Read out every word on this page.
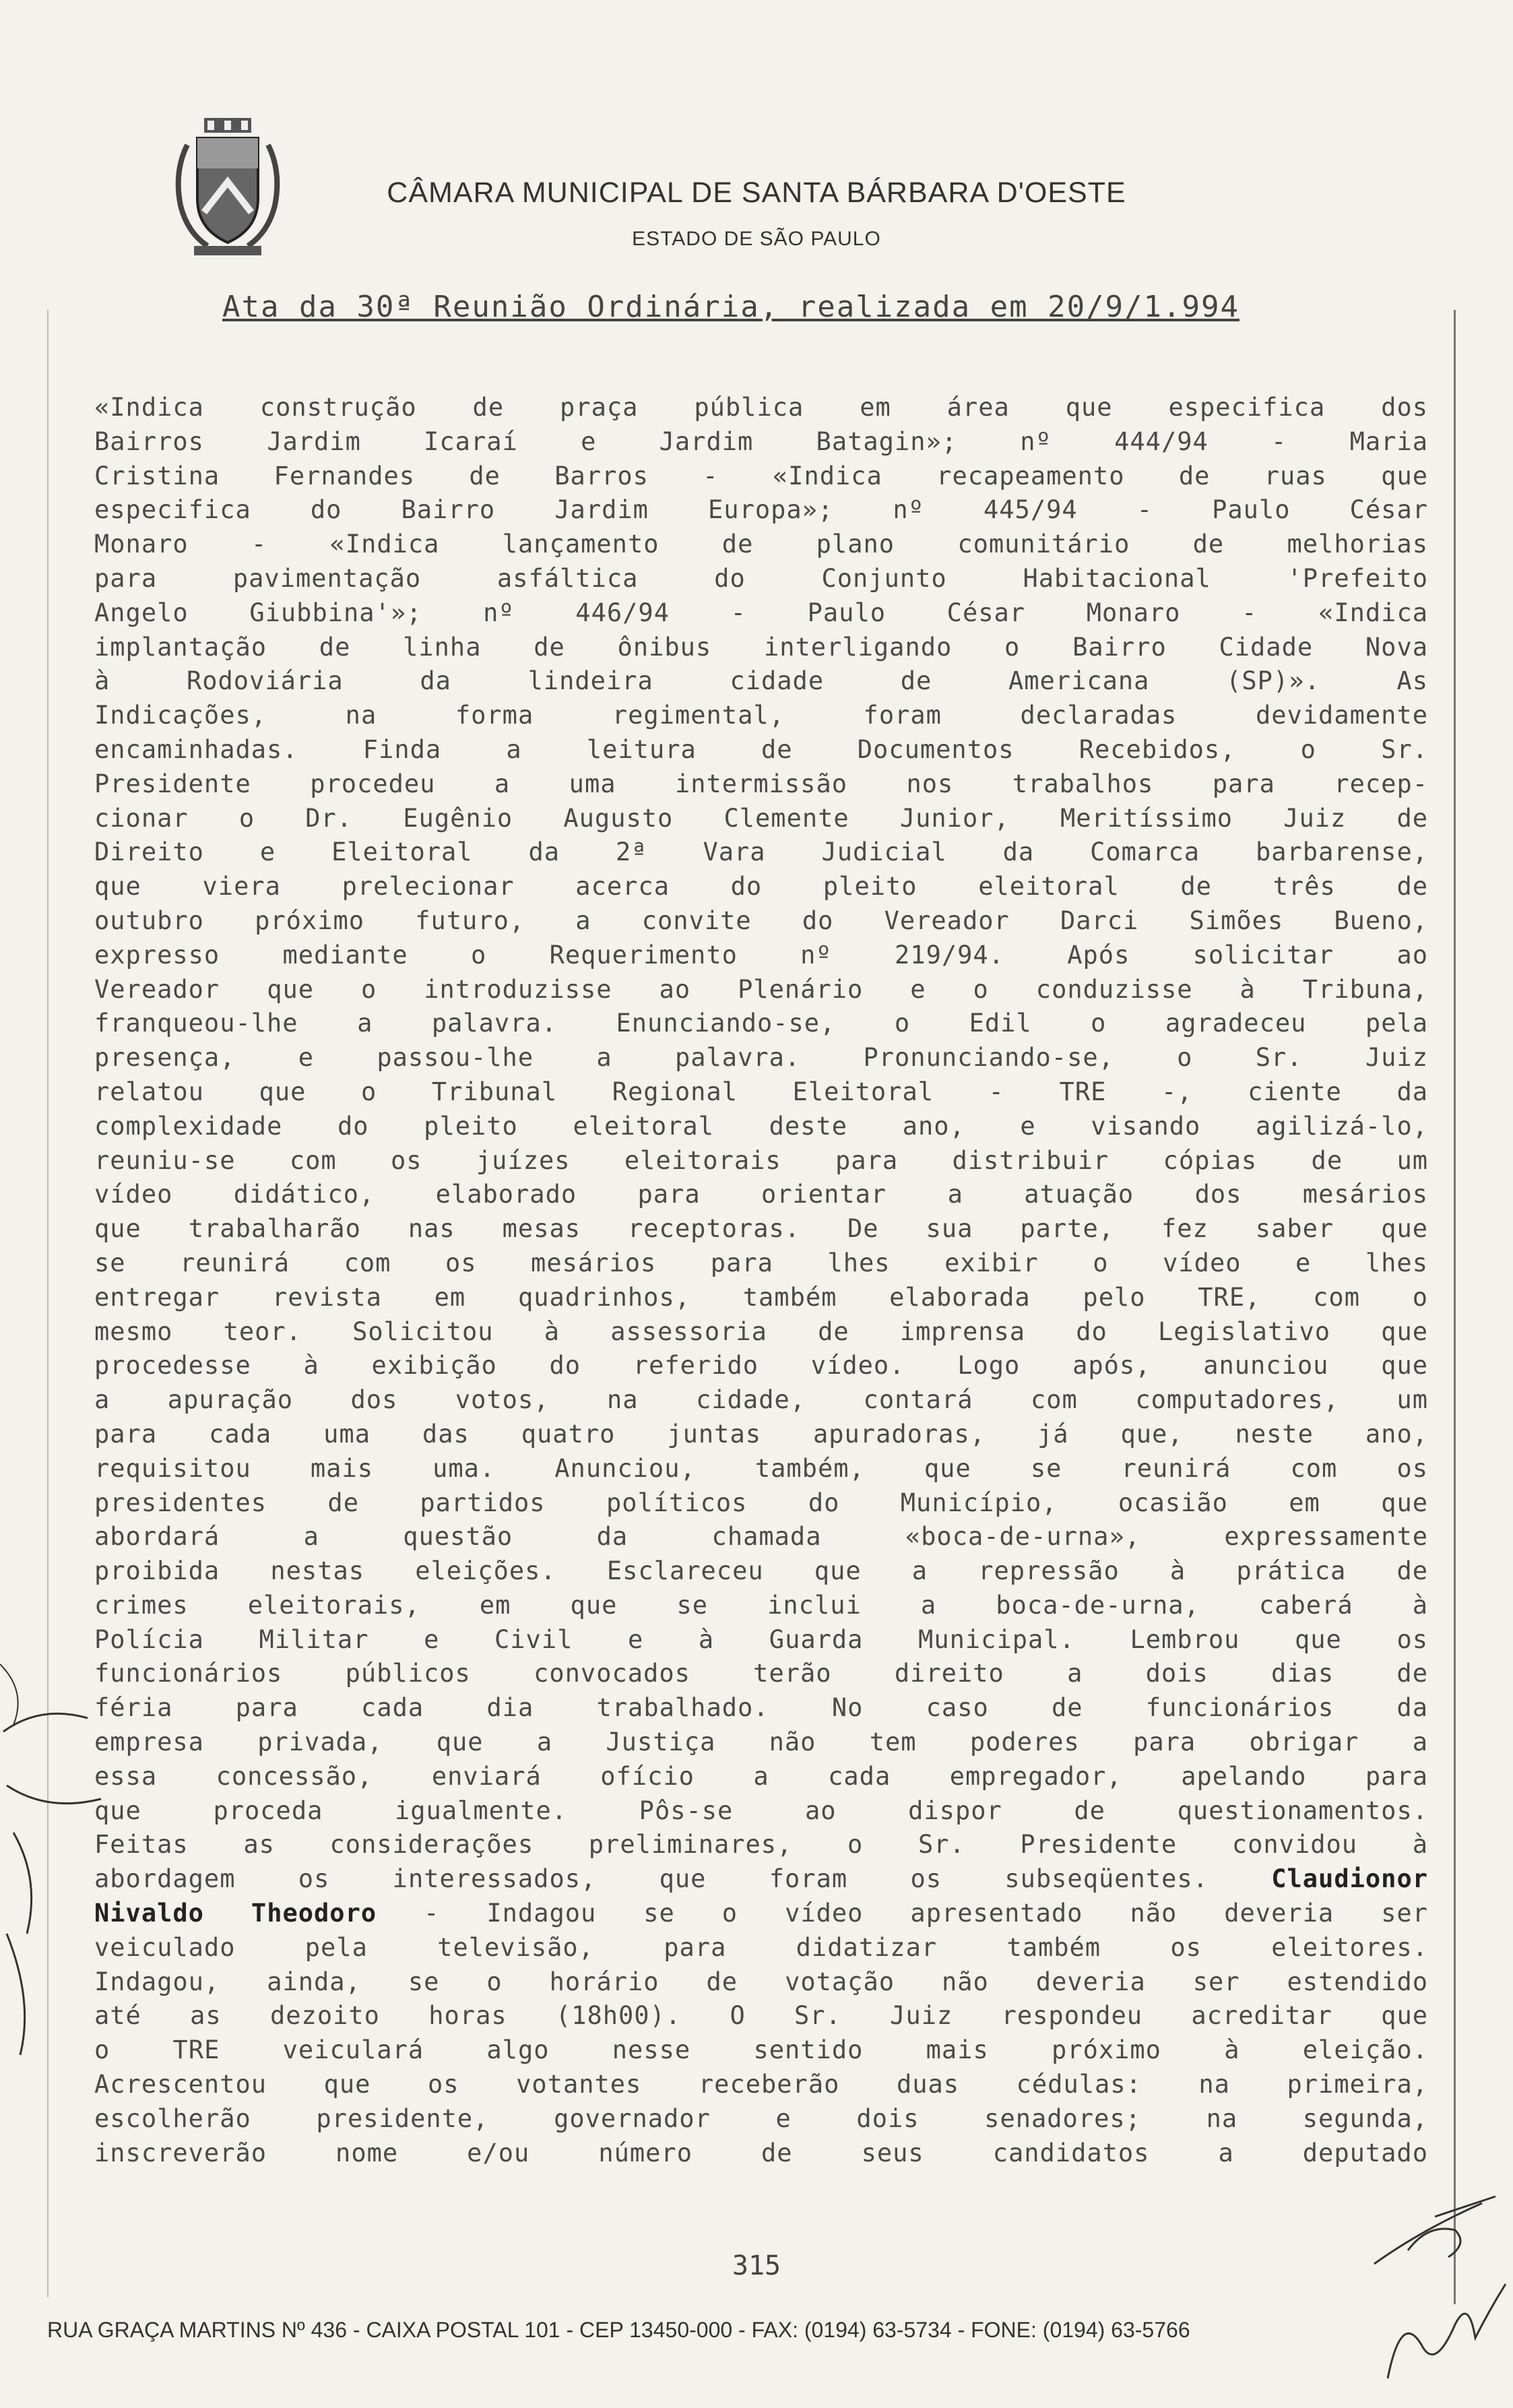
CÂMARA MUNICIPAL DE SANTA BÁRBARA D'OESTE
ESTADO DE SÃO PAULO
Ata da 30ª Reunião Ordinária, realizada em 20/9/1.994
«Indica construção de praça pública em área que especifica dos
Bairros Jardim Icaraí e Jardim Batagin»; nº 444/94 - Maria
Cristina Fernandes de Barros - «Indica recapeamento de ruas que
especifica do Bairro Jardim Europa»; nº 445/94 - Paulo César
Monaro - «Indica lançamento de plano comunitário de melhorias
para pavimentação asfáltica do Conjunto Habitacional 'Prefeito
Angelo Giubbina'»; nº 446/94 - Paulo César Monaro - «Indica
implantação de linha de ônibus interligando o Bairro Cidade Nova
à Rodoviária da lindeira cidade de Americana (SP)». As
Indicações, na forma regimental, foram declaradas devidamente
encaminhadas. Finda a leitura de Documentos Recebidos, o Sr.
Presidente procedeu a uma intermissão nos trabalhos para recep-
cionar o Dr. Eugênio Augusto Clemente Junior, Meritíssimo Juiz de
Direito e Eleitoral da 2ª Vara Judicial da Comarca barbarense,
que viera prelecionar acerca do pleito eleitoral de três de
outubro próximo futuro, a convite do Vereador Darci Simões Bueno,
expresso mediante o Requerimento nº 219/94. Após solicitar ao
Vereador que o introduzisse ao Plenário e o conduzisse à Tribuna,
franqueou-lhe a palavra. Enunciando-se, o Edil o agradeceu pela
presença, e passou-lhe a palavra. Pronunciando-se, o Sr. Juiz
relatou que o Tribunal Regional Eleitoral - TRE -, ciente da
complexidade do pleito eleitoral deste ano, e visando agilizá-lo,
reuniu-se com os juízes eleitorais para distribuir cópias de um
vídeo didático, elaborado para orientar a atuação dos mesários
que trabalharão nas mesas receptoras. De sua parte, fez saber que
se reunirá com os mesários para lhes exibir o vídeo e lhes
entregar revista em quadrinhos, também elaborada pelo TRE, com o
mesmo teor. Solicitou à assessoria de imprensa do Legislativo que
procedesse à exibição do referido vídeo. Logo após, anunciou que
a apuração dos votos, na cidade, contará com computadores, um
para cada uma das quatro juntas apuradoras, já que, neste ano,
requisitou mais uma. Anunciou, também, que se reunirá com os
presidentes de partidos políticos do Município, ocasião em que
abordará a questão da chamada «boca-de-urna», expressamente
proibida nestas eleições. Esclareceu que a repressão à prática de
crimes eleitorais, em que se inclui a boca-de-urna, caberá à
Polícia Militar e Civil e à Guarda Municipal. Lembrou que os
funcionários públicos convocados terão direito a dois dias de
féria para cada dia trabalhado. No caso de funcionários da
empresa privada, que a Justiça não tem poderes para obrigar a
essa concessão, enviará ofício a cada empregador, apelando para
que proceda igualmente. Pôs-se ao dispor de questionamentos.
Feitas as considerações preliminares, o Sr. Presidente convidou à
abordagem os interessados, que foram os subseqüentes. Claudionor
Nivaldo Theodoro - Indagou se o vídeo apresentado não deveria ser
veiculado pela televisão, para didatizar também os eleitores.
Indagou, ainda, se o horário de votação não deveria ser estendido
até as dezoito horas (18h00). O Sr. Juiz respondeu acreditar que
o TRE veiculará algo nesse sentido mais próximo à eleição.
Acrescentou que os votantes receberão duas cédulas: na primeira,
escolherão presidente, governador e dois senadores; na segunda,
inscreverão nome e/ou número de seus candidatos a deputado
315
RUA GRAÇA MARTINS Nº 436 - CAIXA POSTAL 101 - CEP 13450-000 - FAX: (0194) 63-5734 - FONE: (0194) 63-5766
